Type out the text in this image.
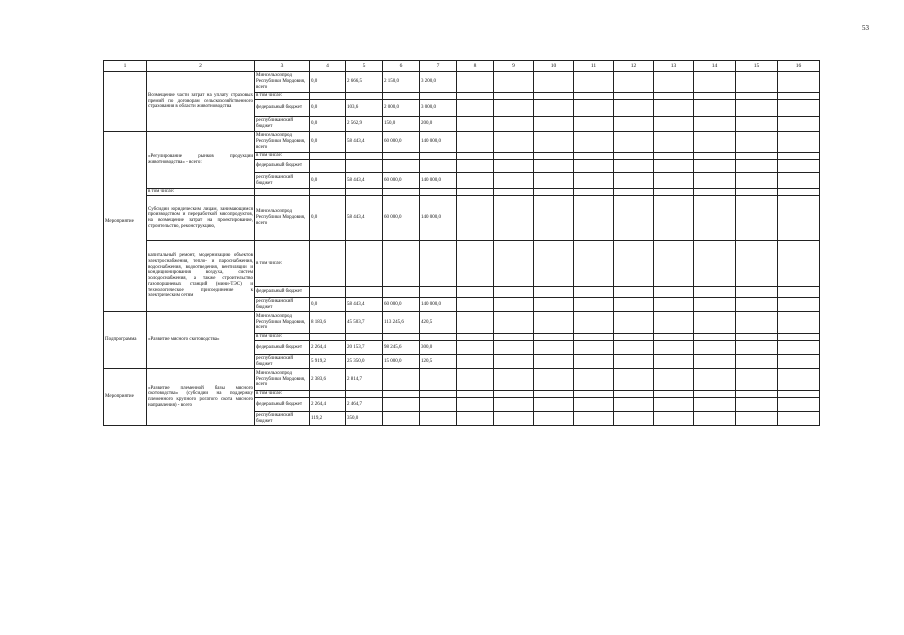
53
1	2	3	4	5	6	7	8	9	10	11	12	13	14	15	16
	Возмещение части затрат на уплату страховых премий по договорам сельскохозяйственного страхования в области животноводства	Минсельхозпрод Республики Мордовия, всего	0,0	2 666,5	2 150,0	3 200,0									
		в том числе:													
		федеральный бюджет	0,0	103,6	2 000,0	3 000,0									
		республиканский бюджет	0,0	2 562,9	150,0	200,0									
Мероприятие	«Регулирование рынков продукции животноводства» - всего:	Минсельхозпрод Республики Мордовия, всего	0,0	58 443,4	60 000,0	140 000,0									
		в том числе:													
		федеральный бюджет													
		республиканский бюджет	0,0	58 443,4	60 000,0	140 000,0									
	в том числе:														
	Субсидии юридическим лицам, занимающимся производством и переработкой мясопродуктов, на возмещение затрат на проектирование, строительство, реконструкцию,	Минсельхозпрод Республики Мордовия, всего	0,0	58 443,4	60 000,0	140 000,0									
	капитальный ремонт, модернизацию объектов электроснабжения, тепло- и пароснабжения, водоснабжения, водоотведения, вентиляции и кондиционирования воздуха, систем холодоснабжения, а также строительство газопоршневых станций (мини-ТЭС) и технологическое присоединение к электрическим сетям	в том числе:													
		федеральный бюджет													
		республиканский бюджет	0,0	58 443,4	60 000,0	140 000,0									
Подпрограмма	«Развитие мясного скотоводства»	Минсельхозпрод Республики Мордовия, всего	8 183,6	45 503,7	113 245,6	420,5									
		в том числе:													
		федеральный бюджет	2 264,4	20 153,7	98 245,6	300,0									
		республиканский бюджет	5 919,2	25 350,0	15 000,0	120,5									
Мероприятие	«Развитие племенной базы мясного скотоводства» (субсидии на поддержку племенного крупного рогатого скота мясного направления) - всего	Минсельхозпрод Республики Мордовия, всего	2 383,6	2 814,7											
		в том числе:													
		федеральный бюджет	2 264,4	2 464,7											
		республиканский бюджет	119,2	350,0											
